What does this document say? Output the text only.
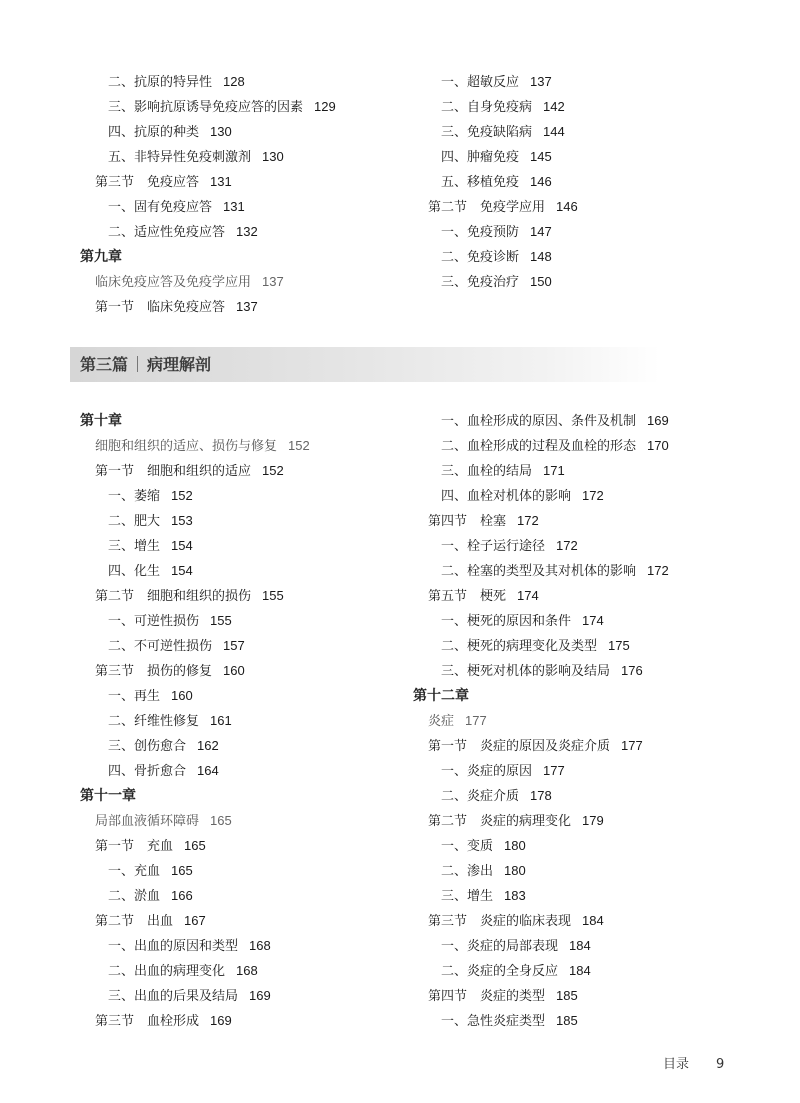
二、抗原的特异性 128
三、影响抗原诱导免疫应答的因素 129
四、抗原的种类 130
五、非特异性免疫刺激剂 130
第三节　免疫应答 131
一、固有免疫应答 131
二、适应性免疫应答 132
第九章
临床免疫应答及免疫学应用 137
第一节　临床免疫应答 137
一、超敏反应 137
二、自身免疫病 142
三、免疫缺陷病 144
四、肿瘤免疫 145
五、移植免疫 146
第二节　免疫学应用 146
一、免疫预防 147
二、免疫诊断 148
三、免疫治疗 150
第三篇 病理解剖
第十章
细胞和组织的适应、损伤与修复 152
第一节　细胞和组织的适应 152
一、萎缩 152
二、肥大 153
三、增生 154
四、化生 154
第二节　细胞和组织的损伤 155
一、可逆性损伤 155
二、不可逆性损伤 157
第三节　损伤的修复 160
一、再生 160
二、纤维性修复 161
三、创伤愈合 162
四、骨折愈合 164
第十一章
局部血液循环障碍 165
第一节　充血 165
一、充血 165
二、淤血 166
第二节　出血 167
一、出血的原因和类型 168
二、出血的病理变化 168
三、出血的后果及结局 169
第三节　血栓形成 169
一、血栓形成的原因、条件及机制 169
二、血栓形成的过程及血栓的形态 170
三、血栓的结局 171
四、血栓对机体的影响 172
第四节　栓塞 172
一、栓子运行途径 172
二、栓塞的类型及其对机体的影响 172
第五节　梗死 174
一、梗死的原因和条件 174
二、梗死的病理变化及类型 175
三、梗死对机体的影响及结局 176
第十二章
炎症 177
第一节　炎症的原因及炎症介质 177
一、炎症的原因 177
二、炎症介质 178
第二节　炎症的病理变化 179
一、变质 180
二、渗出 180
三、增生 183
第三节　炎症的临床表现 184
一、炎症的局部表现 184
二、炎症的全身反应 184
第四节　炎症的类型 185
一、急性炎症类型 185
目录 9
